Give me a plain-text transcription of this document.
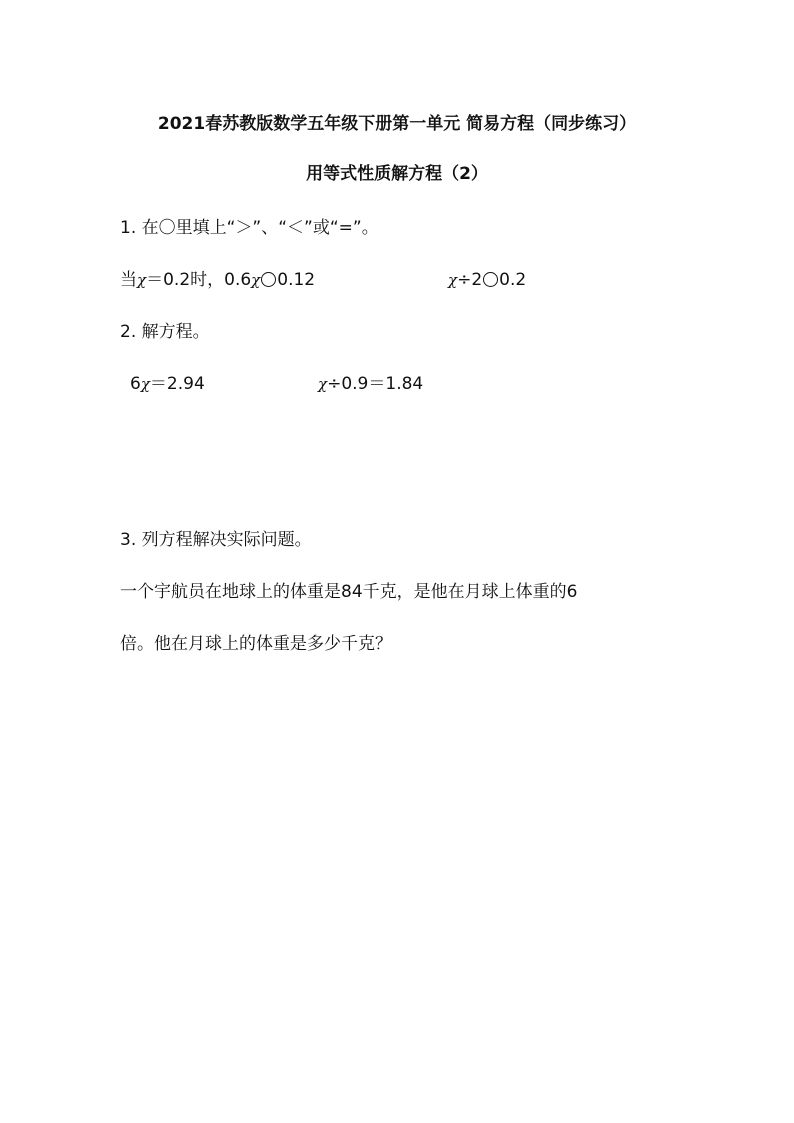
2021春苏教版数学五年级下册第一单元 简易方程（同步练习）
用等式性质解方程（2）
1. 在〇里填上“＞”、“＜”或“=”。
当χ＝0.2时，0.6χ 0.12	χ÷2 0.2
2. 解方程。
6χ＝2.94	χ÷0.9＝1.84
3. 列方程解决实际问题。
一个宇航员在地球上的体重是84千克，是他在月球上体重的6
倍。他在月球上的体重是多少千克？
